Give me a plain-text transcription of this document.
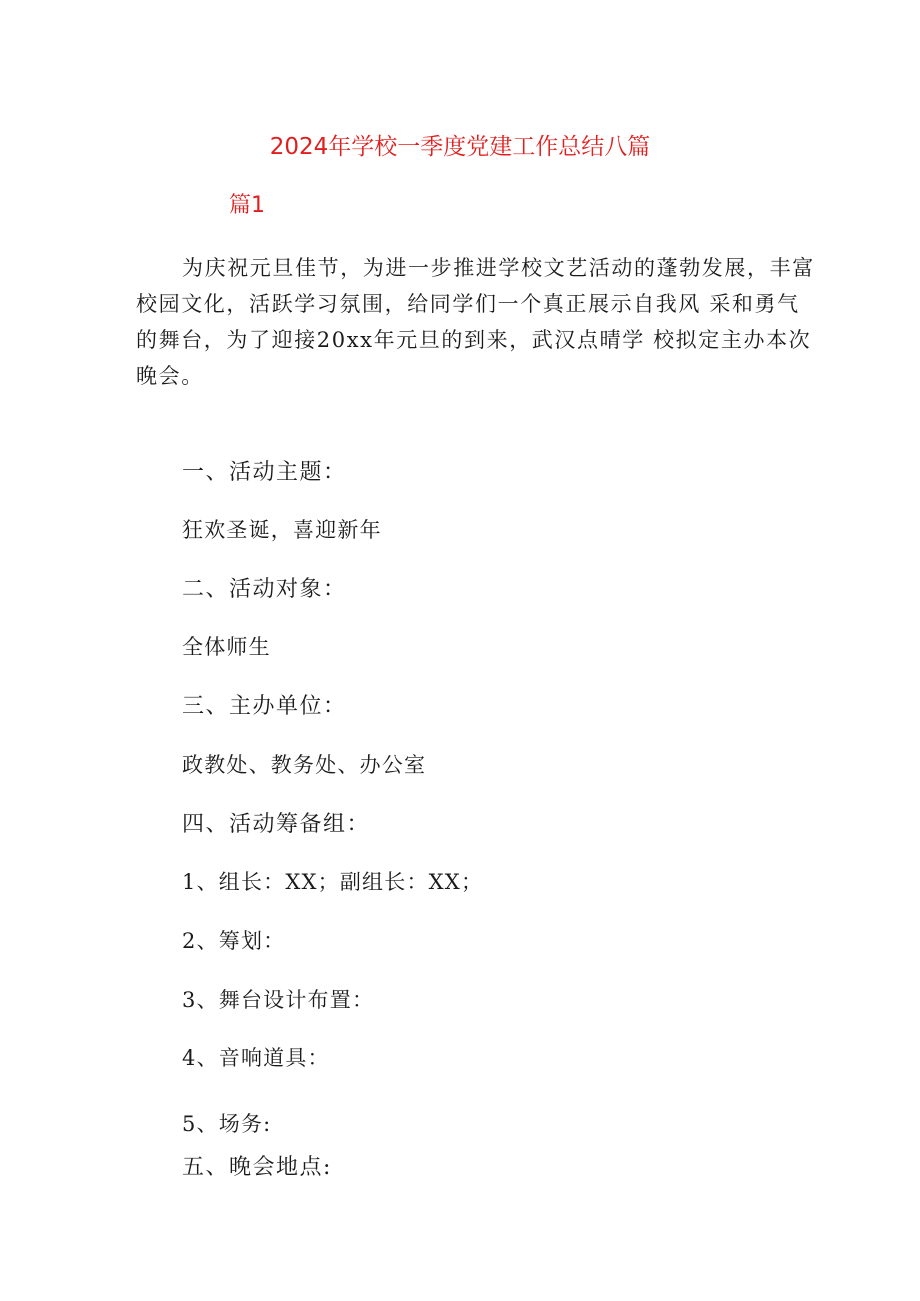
2024年学校一季度党建工作总结八篇
篇1
为庆祝元旦佳节，为进一步推进学校文艺活动的蓬勃发展，丰富
校园文化，活跃学习氛围，给同学们一个真正展示自我风 采和勇气
的舞台，为了迎接20xx年元旦的到来，武汉点晴学 校拟定主办本次
晚会。
一、活动主题：
狂欢圣诞，喜迎新年
二、活动对象：
全体师生
三、主办单位：
政教处、教务处、办公室
四、活动筹备组：
1、组长：XX；副组长：XX；
2、筹划：
3、舞台设计布置：
4、音响道具：
5、场务:
五、晚会地点:
